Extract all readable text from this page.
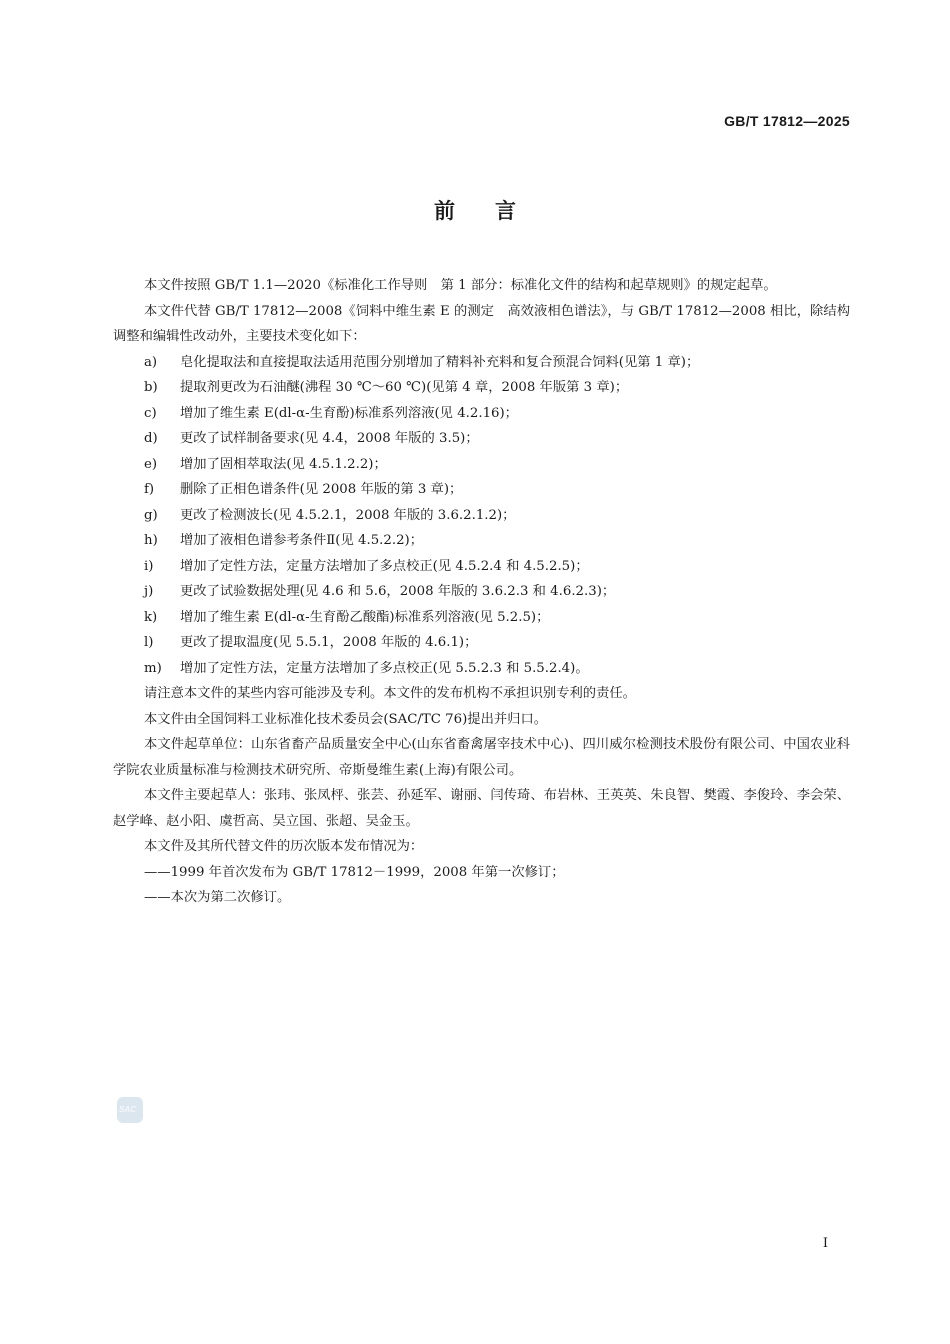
GB/T 17812—2025
前言

本文件按照 GB/T 1.1—2020《标准化工作导则　第 1 部分：标准化文件的结构和起草规则》的规定起草。

本文件代替 GB/T 17812—2008《饲料中维生素 E 的测定　高效液相色谱法》，与 GB/T 17812—2008 相比，除结构调整和编辑性改动外，主要技术变化如下：

a)	皂化提取法和直接提取法适用范围分别增加了精料补充料和复合预混合饲料(见第 1 章)；
b)	提取剂更改为石油醚(沸程 30 ℃～60 ℃)(见第 4 章，2008 年版第 3 章)；
c)	增加了维生素 E(dl-α-生育酚)标准系列溶液(见 4.2.16)；
d)	更改了试样制备要求(见 4.4，2008 年版的 3.5)；
e)	增加了固相萃取法(见 4.5.1.2.2)；
f)	删除了正相色谱条件(见 2008 年版的第 3 章)；
g)	更改了检测波长(见 4.5.2.1，2008 年版的 3.6.2.1.2)；
h)	增加了液相色谱参考条件Ⅱ(见 4.5.2.2)；
i)	增加了定性方法，定量方法增加了多点校正(见 4.5.2.4 和 4.5.2.5)；
j)	更改了试验数据处理(见 4.6 和 5.6，2008 年版的 3.6.2.3 和 4.6.2.3)；
k)	增加了维生素 E(dl-α-生育酚乙酸酯)标准系列溶液(见 5.2.5)；
l)	更改了提取温度(见 5.5.1，2008 年版的 4.6.1)；
m)	增加了定性方法，定量方法增加了多点校正(见 5.5.2.3 和 5.5.2.4)。

请注意本文件的某些内容可能涉及专利。本文件的发布机构不承担识别专利的责任。

本文件由全国饲料工业标准化技术委员会(SAC/TC 76)提出并归口。

本文件起草单位：山东省畜产品质量安全中心(山东省畜禽屠宰技术中心)、四川威尔检测技术股份有限公司、中国农业科学院农业质量标准与检测技术研究所、帝斯曼维生素(上海)有限公司。

本文件主要起草人：张玮、张凤枰、张芸、孙延军、谢丽、闫传琦、布岩林、王英英、朱良智、樊霞、李俊玲、李会荣、赵学峰、赵小阳、虞哲高、吴立国、张超、吴金玉。

本文件及其所代替文件的历次版本发布情况为：

——1999 年首次发布为 GB/T 17812－1999，2008 年第一次修订；

——本次为第二次修订。

SAC
I
